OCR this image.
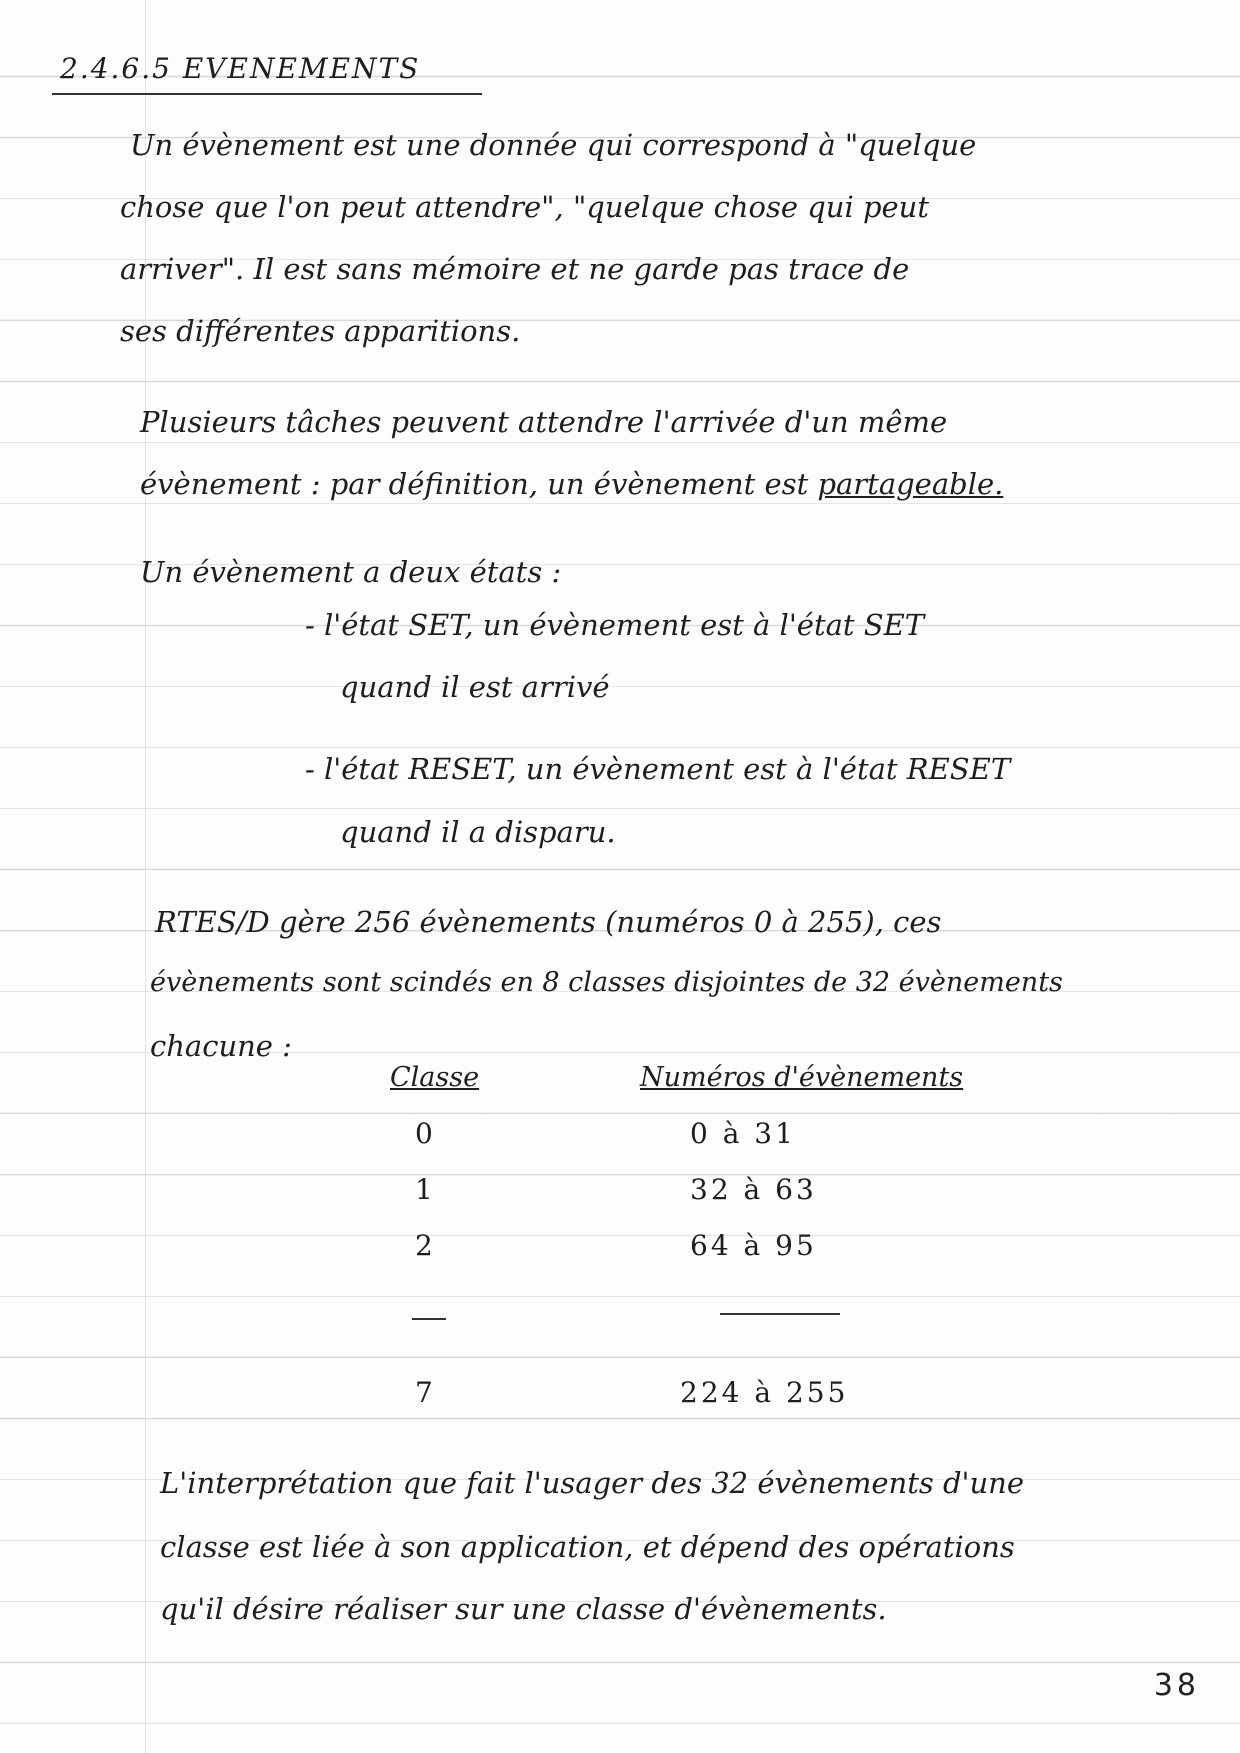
2.4.6.5 EVENEMENTS
Un évènement est une donnée qui correspond à "quelque
chose que l'on peut attendre", "quelque chose qui peut
arriver". Il est sans mémoire et ne garde pas trace de
ses différentes apparitions.
Plusieurs tâches peuvent attendre l'arrivée d'un même
évènement : par définition, un évènement est partageable.
Un évènement a deux états :
- l'état SET, un évènement est à l'état SET
quand il est arrivé
- l'état RESET, un évènement est à l'état RESET
quand il a disparu.
RTES/D gère 256 évènements (numéros 0 à 255), ces
évènements sont scindés en 8 classes disjointes de 32 évènements
chacune :
Classe	Numéros d'évènements
0	0 à 31
1	32 à 63
2	64 à 95
7	224 à 255
L'interprétation que fait l'usager des 32 évènements d'une
classe est liée à son application, et dépend des opérations
qu'il désire réaliser sur une classe d'évènements.
38
